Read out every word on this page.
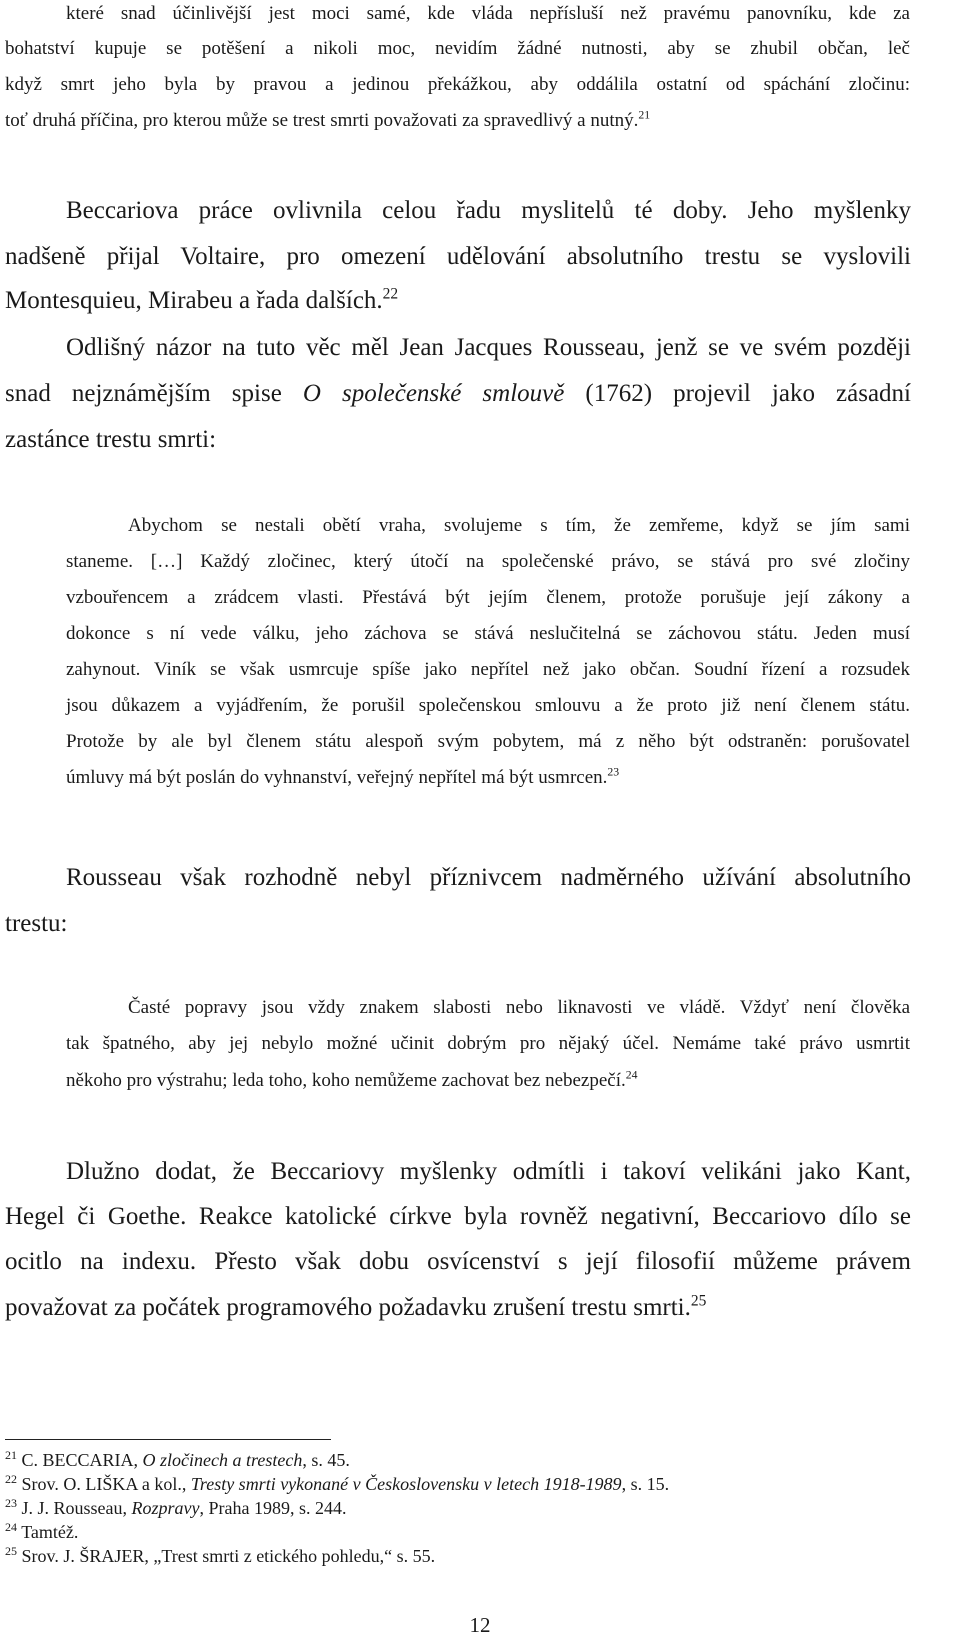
které snad účinlivější jest moci samé, kde vláda nepřísluší než pravému panovníku, kde za
bohatství kupuje se potěšení a nikoli moc, nevidím žádné nutnosti, aby se zhubil občan, leč
když smrt jeho byla by pravou a jedinou překážkou, aby oddálila ostatní od spáchání zločinu:
toť druhá příčina, pro kterou může se trest smrti považovati za spravedlivý a nutný.$^{21}$
Beccariova práce ovlivnila celou řadu myslitelů té doby. Jeho myšlenky
nadšeně přijal Voltaire, pro omezení udělování absolutního trestu se vyslovili
Montesquieu, Mirabeu a řada dalších.$^{22}$
Odlišný názor na tuto věc měl Jean Jacques Rousseau, jenž se ve svém později
snad nejznámějším spise O společenské smlouvě (1762) projevil jako zásadní
zastánce trestu smrti:
Abychom se nestali obětí vraha, svolujeme s tím, že zemřeme, když se jím sami
staneme. […] Každý zločinec, který útočí na společenské právo, se stává pro své zločiny
vzbouřencem a zrádcem vlasti. Přestává být jejím členem, protože porušuje její zákony a
dokonce s ní vede válku, jeho záchova se stává neslučitelná se záchovou státu. Jeden musí
zahynout. Viník se však usmrcuje spíše jako nepřítel než jako občan. Soudní řízení a rozsudek
jsou důkazem a vyjádřením, že porušil společenskou smlouvu a že proto již není členem státu.
Protože by ale byl členem státu alespoň svým pobytem, má z něho být odstraněn: porušovatel
úmluvy má být poslán do vyhnanství, veřejný nepřítel má být usmrcen.$^{23}$
Rousseau však rozhodně nebyl příznivcem nadměrného užívání absolutního
trestu:
Časté popravy jsou vždy znakem slabosti nebo liknavosti ve vládě. Vždyť není člověka
tak špatného, aby jej nebylo možné učinit dobrým pro nějaký účel. Nemáme také právo usmrtit
někoho pro výstrahu; leda toho, koho nemůžeme zachovat bez nebezpečí.$^{24}$
Dlužno dodat, že Beccariovy myšlenky odmítli i takoví velikáni jako Kant,
Hegel či Goethe. Reakce katolické církve byla rovněž negativní, Beccariovo dílo se
ocitlo na indexu. Přesto však dobu osvícenství s její filosofií můžeme právem
považovat za počátek programového požadavku zrušení trestu smrti.$^{25}$
$^{21}$ C. BECCARIA, O zločinech a trestech, s. 45.
$^{22}$ Srov. O. LIŠKA a kol., Tresty smrti vykonané v Československu v letech 1918-1989, s. 15.
$^{23}$ J. J. Rousseau, Rozpravy, Praha 1989, s. 244.
$^{24}$ Tamtéž.
$^{25}$ Srov. J. ŠRAJER, „Trest smrti z etického pohledu,“ s. 55.
12
